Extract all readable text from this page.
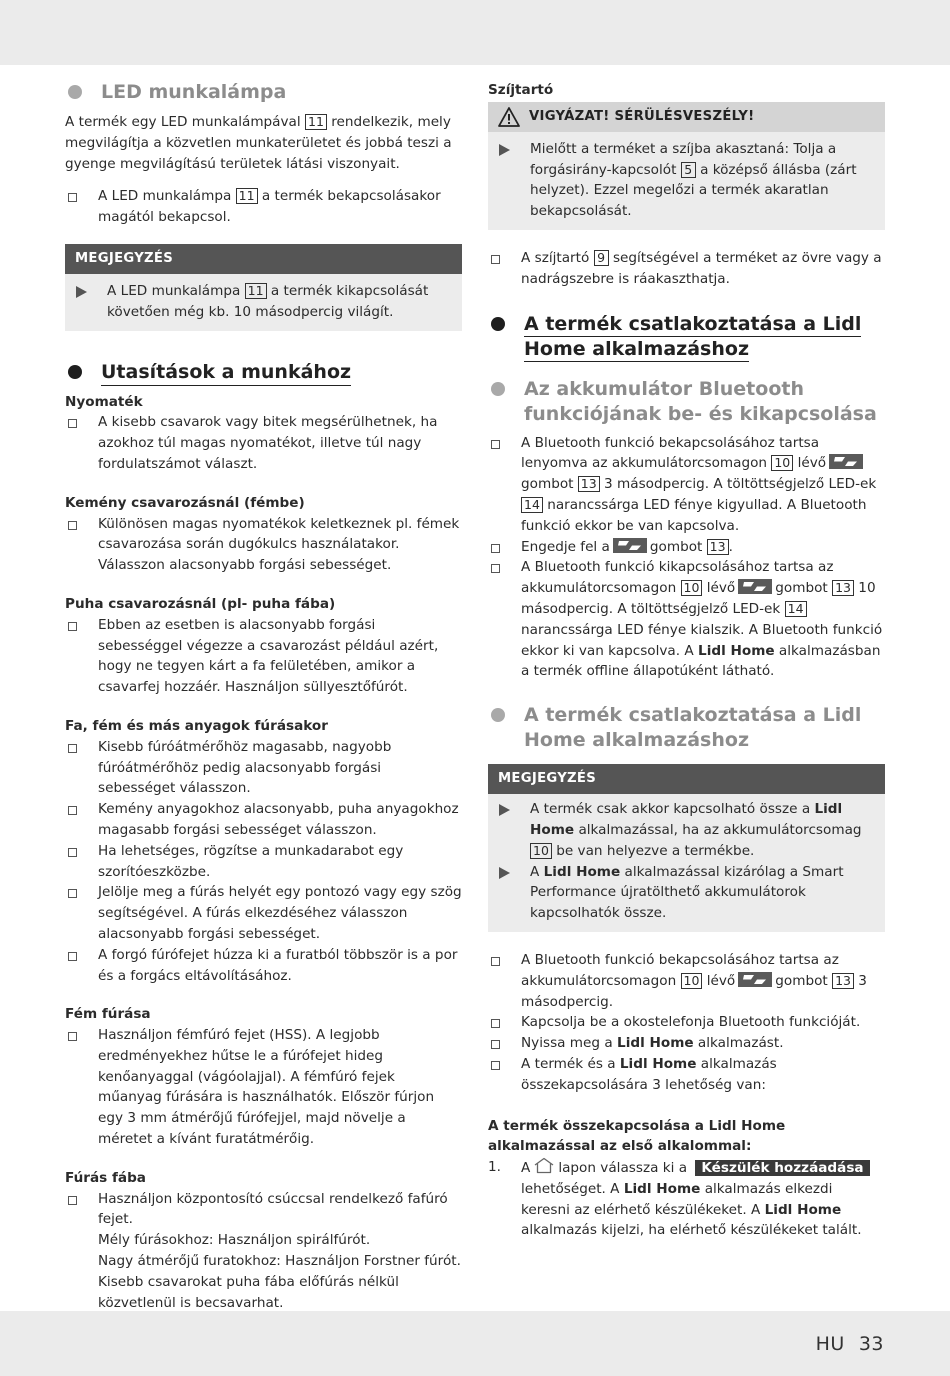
LED munkalámpa

A termék egy LED munkalámpával 11 rendelkezik, mely megvilágítja a közvetlen munkaterületet és jobbá teszi a gyenge megvilágítású területek látási viszonyait.

A LED munkalámpa 11 a termék bekapcsolásakor magától bekapcsol.

MEGJEGYZÉS

A LED munkalámpa 11 a termék kikapcsolását követően még kb. 10 másodpercig világít.

Utasítások a munkához

Nyomaték

A kisebb csavarok vagy bitek megsérülhetnek, ha azokhoz túl magas nyomatékot, illetve túl nagy fordulatszámot választ.

Kemény csavarozásnál (fémbe)

Különösen magas nyomatékok keletkeznek pl. fémek csavarozása során dugókulcs használatakor. Válasszon alacsonyabb forgási sebességet.

Puha csavarozásnál (pl- puha fába)

Ebben az esetben is alacsonyabb forgási sebességgel végezze a csavarozást például azért, hogy ne tegyen kárt a fa felületében, amikor a csavarfej hozzáér. Használjon süllyesztőfúrót.

Fa, fém és más anyagok fúrásakor

Kisebb fúróátmérőhöz magasabb, nagyobb fúróátmérőhöz pedig alacsonyabb forgási sebességet válasszon.

Kemény anyagokhoz alacsonyabb, puha anyagokhoz magasabb forgási sebességet válasszon.

Ha lehetséges, rögzítse a munkadarabot egy szorítóeszközbe.

Jelölje meg a fúrás helyét egy pontozó vagy egy szög segítségével. A fúrás elkezdéséhez válasszon alacsonyabb forgási sebességet.

A forgó fúrófejet húzza ki a furatból többször is a por és a forgács eltávolításához.

Fém fúrása

Használjon fémfúró fejet (HSS). A legjobb eredményekhez hűtse le a fúrófejet hideg kenőanyaggal (vágóolajjal). A fémfúró fejek műanyag fúrására is használhatók. Először fúrjon egy 3 mm átmérőjű fúrófejjel, majd növelje a méretet a kívánt furatátmérőig.

Fúrás fába

Használjon központosító csúccsal rendelkező fafúró fejet.
Mély fúrásokhoz: Használjon spirálfúrót.
Nagy átmérőjű furatokhoz: Használjon Forstner fúrót.
Kisebb csavarokat puha fába előfúrás nélkül közvetlenül is becsavarhat.

Szíjtartó

VIGYÁZAT! SÉRÜLÉSVESZÉLY!

Mielőtt a terméket a szíjba akasztaná: Tolja a forgásirány-kapcsolót 5 a középső állásba (zárt helyzet). Ezzel megelőzi a termék akaratlan bekapcsolását.

A szíjtartó 9 segítségével a terméket az övre vagy a nadrágszebre is ráakaszthatja.

A termék csatlakoztatása a Lidl
Home alkalmazáshoz
Az akkumulátor Bluetooth funkciójának be- és kikapcsolása

A Bluetooth funkció bekapcsolásához tartsa lenyomva az akkumulátorcsomagon 10 lévő
gombot 13 3 másodpercig. A töltöttségjelző LED-ek 14 narancssárga LED fénye kigyullad. A Bluetooth funkció ekkor be van kapcsolva.

Engedje fel a	gombot 13 .

A Bluetooth funkció kikapcsolásához tartsa az akkumulátorcsomagon 10 lévő	gombot 13 10 másodpercig. A töltöttségjelző LED-ek 14 narancssárga LED fénye kialszik. A Bluetooth funkció ekkor ki van kapcsolva. A Lidl Home alkalmazásban a termék offline állapotúként látható.

A termék csatlakoztatása a Lidl Home alkalmazáshoz
MEGJEGYZÉS

A termék csak akkor kapcsolható össze a Lidl Home alkalmazással, ha az akkumulátorcsomag 10 be van helyezve a termékbe.

A Lidl Home alkalmazással kizárólag a Smart Performance újratölthető akkumulátorok kapcsolhatók össze.

A Bluetooth funkció bekapcsolásához tartsa az akkumulátorcsomagon 10 lévő	gombot 13 3 másodpercig.

Kapcsolja be a okostelefonja Bluetooth funkcióját.

Nyissa meg a Lidl Home alkalmazást.

A termék és a Lidl Home alkalmazás összekapcsolására 3 lehetőség van:

A termék összekapcsolása a Lidl Home alkalmazással az első alkalommal:

1.	A lapon válassza ki a Készülék hozzáadása lehetőséget. A Lidl Home alkalmazás elkezdi keresni az elérhető készülékeket. A Lidl Home alkalmazás kijelzi, ha elérhető készülékeket talált.

HU 33
